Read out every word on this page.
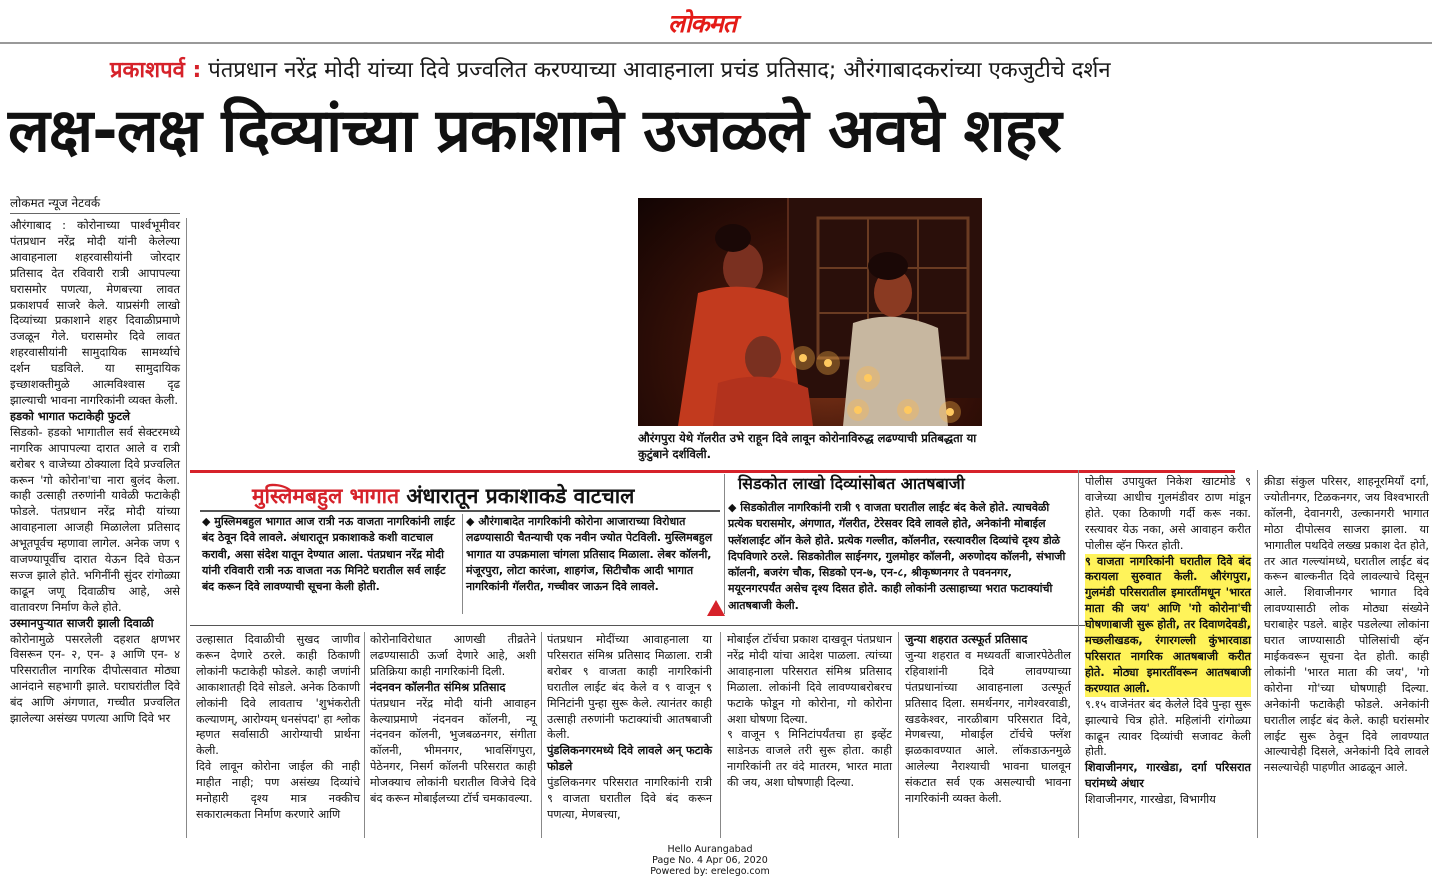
लोकमत
प्रकाशपर्व : पंतप्रधान नरेंद्र मोदी यांच्या दिवे प्रज्वलित करण्याच्या आवाहनाला प्रचंड प्रतिसाद; औरंगाबादकरांच्या एकजुटीचे दर्शन
लक्ष-लक्ष दिव्यांच्या प्रकाशाने उजळले अवघे शहर
लोकमत न्यूज नेटवर्क

औरंगाबाद : कोरोनाच्या पार्श्वभूमीवर पंतप्रधान नरेंद्र मोदी यांनी केलेल्या आवाहनाला शहरवासीयांनी जोरदार प्रतिसाद देत रविवारी रात्री आपापल्या घरासमोर पणत्या, मेणबत्त्या लावत प्रकाशपर्व साजरे केले. याप्रसंगी लाखो दिव्यांच्या प्रकाशाने शहर दिवाळीप्रमाणे उजळून गेले. घरासमोर दिवे लावत शहरवासीयांनी सामुदायिक सामर्थ्याचे दर्शन घडविले. या सामुदायिक इच्छाशक्तीमुळे आत्मविश्वास दृढ झाल्याची भावना नागरिकांनी व्यक्त केली.

हडको भागात फटाकेही फुटले

सिडको- हडको भागातील सर्व सेक्टरमध्ये नागरिक आपापल्या दारात आले व रात्री बरोबर ९ वाजेच्या ठोक्याला दिवे प्रज्वलित करून 'गो कोरोना'चा नारा बुलंद केला. काही उत्साही तरुणांनी यावेळी फटाकेही फोडले. पंतप्रधान नरेंद्र मोदी यांच्या आवाहनाला आजही मिळालेला प्रतिसाद अभूतपूर्वच म्हणावा लागेल. अनेक जण ९ वाजण्यापूर्वीच दारात येऊन दिवे घेऊन सज्ज झाले होते. भगिनींनी सुंदर रांगोळ्या काढून जणू दिवाळीच आहे, असे वातावरण निर्माण केले होते.

उस्मानपुऱ्यात साजरी झाली दिवाळी

कोरोनामुळे पसरलेली दहशत क्षणभर विसरून एन- २, एन- ३ आणि एन- ४ परिसरातील नागरिक दीपोत्सवात मोठ्या आनंदाने सहभागी झाले. घराघरांतील दिवे बंद आणि अंगणात, गच्चीत प्रज्वलित झालेल्या असंख्य पणत्या आणि दिवे भर

औरंगपुरा येथे गॅलरीत उभे राहून दिवे लावून कोरोनाविरुद्ध लढण्याची प्रतिबद्धता या कुटुंबाने दर्शविली.
मुस्लिमबहुल भागात अंधारातून प्रकाशाकडे वाटचाल
◆ मुस्लिमबहुल भागात आज रात्री नऊ वाजता नागरिकांनी लाईट बंद ठेवून दिवे लावले. अंधारातून प्रकाशाकडे कशी वाटचाल करावी, असा संदेश यातून देण्यात आला. पंतप्रधान नरेंद्र मोदी यांनी रविवारी रात्री नऊ वाजता नऊ मिनिटे घरातील सर्व लाईट बंद करून दिवे लावण्याची सूचना केली होती.
◆ औरंगाबादेत नागरिकांनी कोरोना आजाराच्या विरोधात लढण्यासाठी चैतन्याची एक नवीन ज्योत पेटविली. मुस्लिमबहुल भागात या उपक्रमाला चांगला प्रतिसाद मिळाला. लेबर कॉलनी, मंजूरपुरा, लोटा कारंजा, शाहगंज, सिटीचौक आदी भागात नागरिकांनी गॅलरीत, गच्चीवर जाऊन दिवे लावले.
सिडकोत लाखो दिव्यांसोबत आतषबाजी
◆ सिडकोतील नागरिकांनी रात्री ९ वाजता घरातील लाईट बंद केले होते. त्याचवेळी प्रत्येक घरासमोर, अंगणात, गॅलरीत, टेरेसवर दिवे लावले होते, अनेकांनी मोबाईल फ्लॅशलाईट ऑन केले होते. प्रत्येक गल्लीत, कॉलनीत, रस्त्यावरील दिव्यांचे दृश्य डोळे दिपविणारे ठरले. सिडकोतील साईनगर, गुलमोहर कॉलनी, अरुणोदय कॉलनी, संभाजी कॉलनी, बजरंग चौक, सिडको एन-७, एन-८, श्रीकृष्णनगर ते पवननगर, मयूरनगरपर्यंत असेच दृश्य दिसत होते. काही लोकांनी उत्साहाच्या भरात फटाक्यांची आतषबाजी केली.

उल्हासात दिवाळीची सुखद जाणीव करून देणारे ठरले. काही ठिकाणी लोकांनी फटाकेही फोडले. काही जणांनी आकाशातही दिवे सोडले. अनेक ठिकाणी लोकांनी दिवे लावताच 'शुभंकरोती कल्याणम्, आरोग्यम् धनसंपदा' हा श्लोक म्हणत सर्वासाठी आरोग्याची प्रार्थना केली.

दिवे लावून कोरोना जाईल की नाही माहीत नाही; पण असंख्य दिव्यांचे मनोहारी दृश्य मात्र नक्कीच सकारात्मकता निर्माण करणारे आणि

कोरोनाविरोधात आणखी तीव्रतेने लढण्यासाठी ऊर्जा देणारे आहे, अशी प्रतिक्रिया काही नागरिकांनी दिली.

नंदनवन कॉलनीत संमिश्र प्रतिसाद

पंतप्रधान नरेंद्र मोदी यांनी आवाहन केल्याप्रमाणे नंदनवन कॉलनी, न्यू नंदनवन कॉलनी, भुजबळनगर, संगीता कॉलनी, भीमनगर, भावसिंगपुरा, पेठेनगर, निसर्ग कॉलनी परिसरात काही मोजक्याच लोकांनी घरातील विजेचे दिवे बंद करून मोबाईलच्या टॉर्च चमकावल्या.

पंतप्रधान मोदींच्या आवाहनाला या परिसरात संमिश्र प्रतिसाद मिळाला. रात्री बरोबर ९ वाजता काही नागरिकांनी घरातील लाईट बंद केले व ९ वाजून ९ मिनिटांनी पुन्हा सुरू केले. त्यानंतर काही उत्साही तरुणांनी फटाक्यांची आतषबाजी केली.

पुंडलिकनगरमध्ये दिवे लावले अन् फटाके फोडले

पुंडलिकनगर परिसरात नागरिकांनी रात्री ९ वाजता घरातील दिवे बंद करून पणत्या, मेणबत्त्या,

मोबाईल टॉर्चचा प्रकाश दाखवून पंतप्रधान नरेंद्र मोदी यांचा आदेश पाळला. त्यांच्या आवाहनाला परिसरात संमिश्र प्रतिसाद मिळाला. लोकांनी दिवे लावण्याबरोबरच फटाके फोडून गो कोरोना, गो कोरोना अशा घोषणा दिल्या.

९ वाजून ९ मिनिटांपर्यंतचा हा इव्हेंट साडेनऊ वाजले तरी सुरू होता. काही नागरिकांनी तर वंदे मातरम, भारत माता की जय, अशा घोषणाही दिल्या.

जुन्या शहरात उत्स्फूर्त प्रतिसाद

जुन्या शहरात व मध्यवर्ती बाजारपेठेतील रहिवाशांनी दिवे लावण्याच्या पंतप्रधानांच्या आवाहनाला उत्स्फूर्त प्रतिसाद दिला. समर्थनगर, नागेश्वरवाडी, खडकेश्वर, नारळीबाग परिसरात दिवे, मेणबत्त्या, मोबाईल टॉर्चचे फ्लॅश झळकावण्यात आले. लॉकडाऊनमुळे आलेल्या नैराश्याची भावना घालवून संकटात सर्व एक असल्याची भावना नागरिकांनी व्यक्त केली.

पोलीस उपायुक्त निकेश खाटमोडे ९ वाजेच्या आधीच गुलमंडीवर ठाण मांडून होते. एका ठिकाणी गर्दी करू नका. रस्त्यावर येऊ नका, असे आवाहन करीत पोलीस व्हॅन फिरत होती.

९ वाजता नागरिकांनी घरातील दिवे बंद करायला सुरुवात केली. औरंगपुरा, गुलमंडी परिसरातील इमारतींमधून 'भारत माता की जय' आणि 'गो कोरोना'ची घोषणाबाजी सुरू होती, तर दिवाणदेवडी, मच्छलीखडक, रंगारगल्ली कुंभारवाडा परिसरात नागरिक आतषबाजी करीत होते. मोठ्या इमारतींवरून आतषबाजी करण्यात आली.

९.१५ वाजेनंतर बंद केलेले दिवे पुन्हा सुरू झाल्याचे चित्र होते. महिलांनी रांगोळ्या काढून त्यावर दिव्यांची सजावट केली होती.

शिवाजीनगर, गारखेडा, दर्गा परिसरात घरांमध्ये अंधार

शिवाजीनगर, गारखेडा, विभागीय

क्रीडा संकुल परिसर, शाहनूरमियाँ दर्गा, ज्योतीनगर, टिळकनगर, जय विश्वभारती कॉलनी, देवानगरी, उल्कानगरी भागात मोठा दीपोत्सव साजरा झाला. या भागातील पथदिवे लख्ख प्रकाश देत होते, तर आत गल्ल्यांमध्ये, घरातील लाईट बंद करून बाल्कनीत दिवे लावल्याचे दिसून आले. शिवाजीनगर भागात दिवे लावण्यासाठी लोक मोठ्या संख्येने घराबाहेर पडले. बाहेर पडलेल्या लोकांना घरात जाण्यासाठी पोलिसांची व्हॅन माईकवरून सूचना देत होती. काही लोकांनी 'भारत माता की जय', 'गो कोरोना गो'च्या घोषणाही दिल्या. अनेकांनी फटाकेही फोडले. अनेकांनी घरातील लाईट बंद केले. काही घरांसमोर लाईट सुरू ठेवून दिवे लावण्यात आल्याचेही दिसले, अनेकांनी दिवे लावले नसल्याचेही पाहणीत आढळून आले.

Hello Aurangabad
Page No. 4 Apr 06, 2020
Powered by: erelego.com
